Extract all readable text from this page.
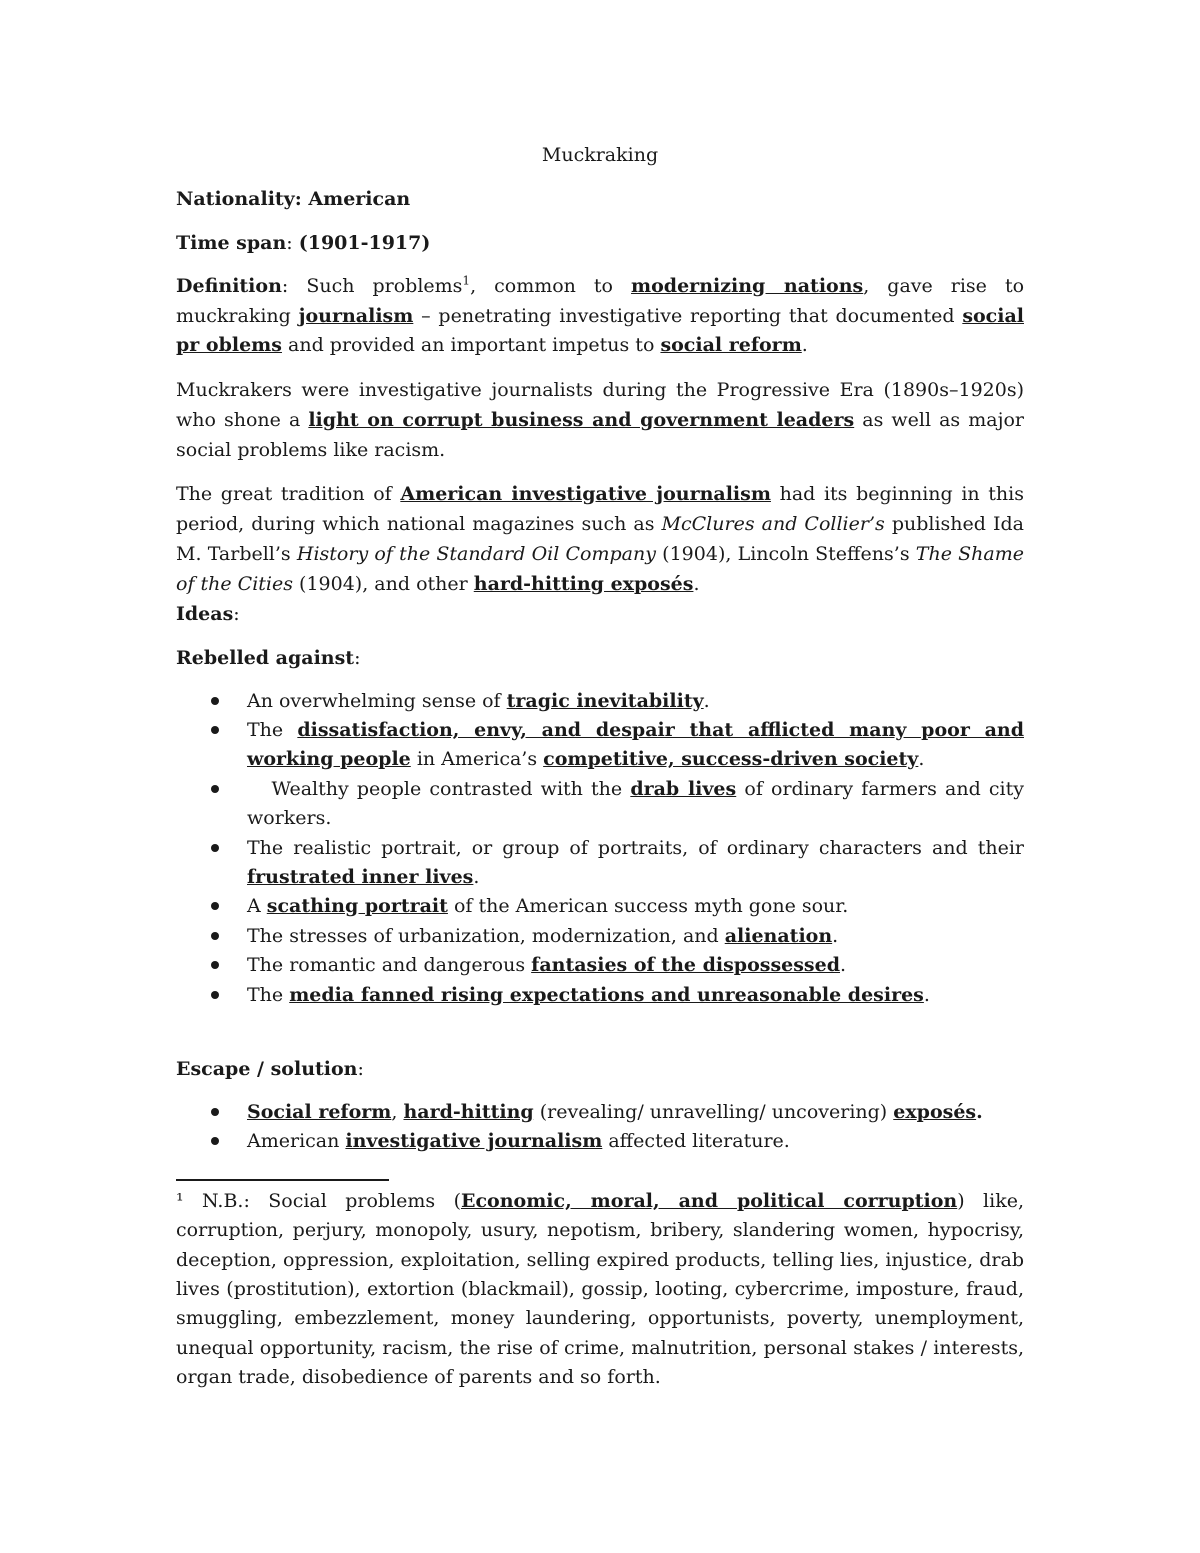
Muckraking

Nationality: American

Time span: (1901-1917)

Definition: Such problems$^1$, common to modernizing nations, gave rise to muckraking journalism – penetrating investigative reporting that documented social pr oblems and provided an important impetus to social reform.

Muckrakers were investigative journalists during the Progressive Era (1890s–1920s) who shone a light on corrupt business and government leaders as well as major social problems like racism.

The great tradition of American investigative journalism had its beginning in this period, during which national magazines such as McClures and Collier’s published Ida M. Tarbell’s History of the Standard Oil Company (1904), Lincoln Steffens’s The Shame of the Cities (1904), and other hard-hitting exposés.

Ideas:

Rebelled against:

An overwhelming sense of tragic inevitability.
The dissatisfaction, envy, and despair that afflicted many poor and working people in America’s competitive, success-driven society.
Wealthy people contrasted with the drab lives of ordinary farmers and city workers.
The realistic portrait, or group of portraits, of ordinary characters and their frustrated inner lives.
A scathing portrait of the American success myth gone sour.
The stresses of urbanization, modernization, and alienation.
The romantic and dangerous fantasies of the dispossessed.
The media fanned rising expectations and unreasonable desires.

Escape / solution:

Social reform, hard-hitting (revealing/ unravelling/ uncovering) exposés.
American investigative journalism affected literature.

¹ N.B.: Social problems (Economic, moral, and political corruption) like, corruption, perjury, monopoly, usury, nepotism, bribery, slandering women, hypocrisy, deception, oppression, exploitation, selling expired products, telling lies, injustice, drab lives (prostitution), extortion (blackmail), gossip, looting, cybercrime, imposture, fraud, smuggling, embezzlement, money laundering, opportunists, poverty, unemployment, unequal opportunity, racism, the rise of crime, malnutrition, personal stakes / interests, organ trade, disobedience of parents and so forth.
